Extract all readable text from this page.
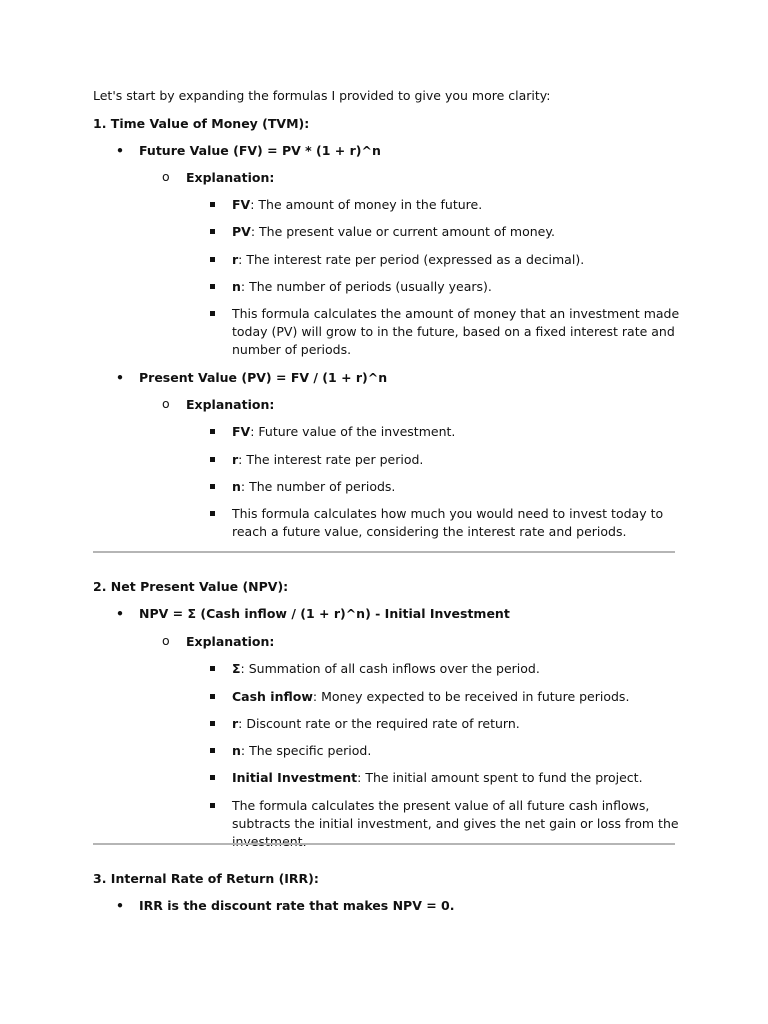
Let's start by expanding the formulas I provided to give you more clarity:
1. Time Value of Money (TVM):
• Future Value (FV) = PV * (1 + r)^n
o Explanation:
FV: The amount of money in the future.
PV: The present value or current amount of money.
r: The interest rate per period (expressed as a decimal).
n: The number of periods (usually years).
This formula calculates the amount of money that an investment made today (PV) will grow to in the future, based on a fixed interest rate and number of periods.
• Present Value (PV) = FV / (1 + r)^n
o Explanation:
FV: Future value of the investment.
r: The interest rate per period.
n: The number of periods.
This formula calculates how much you would need to invest today to reach a future value, considering the interest rate and periods.
2. Net Present Value (NPV):
• NPV = Σ (Cash inflow / (1 + r)^n) - Initial Investment
o Explanation:
Σ: Summation of all cash inflows over the period.
Cash inflow: Money expected to be received in future periods.
r: Discount rate or the required rate of return.
n: The specific period.
Initial Investment: The initial amount spent to fund the project.
The formula calculates the present value of all future cash inflows, subtracts the initial investment, and gives the net gain or loss from the investment.
3. Internal Rate of Return (IRR):
• IRR is the discount rate that makes NPV = 0.
